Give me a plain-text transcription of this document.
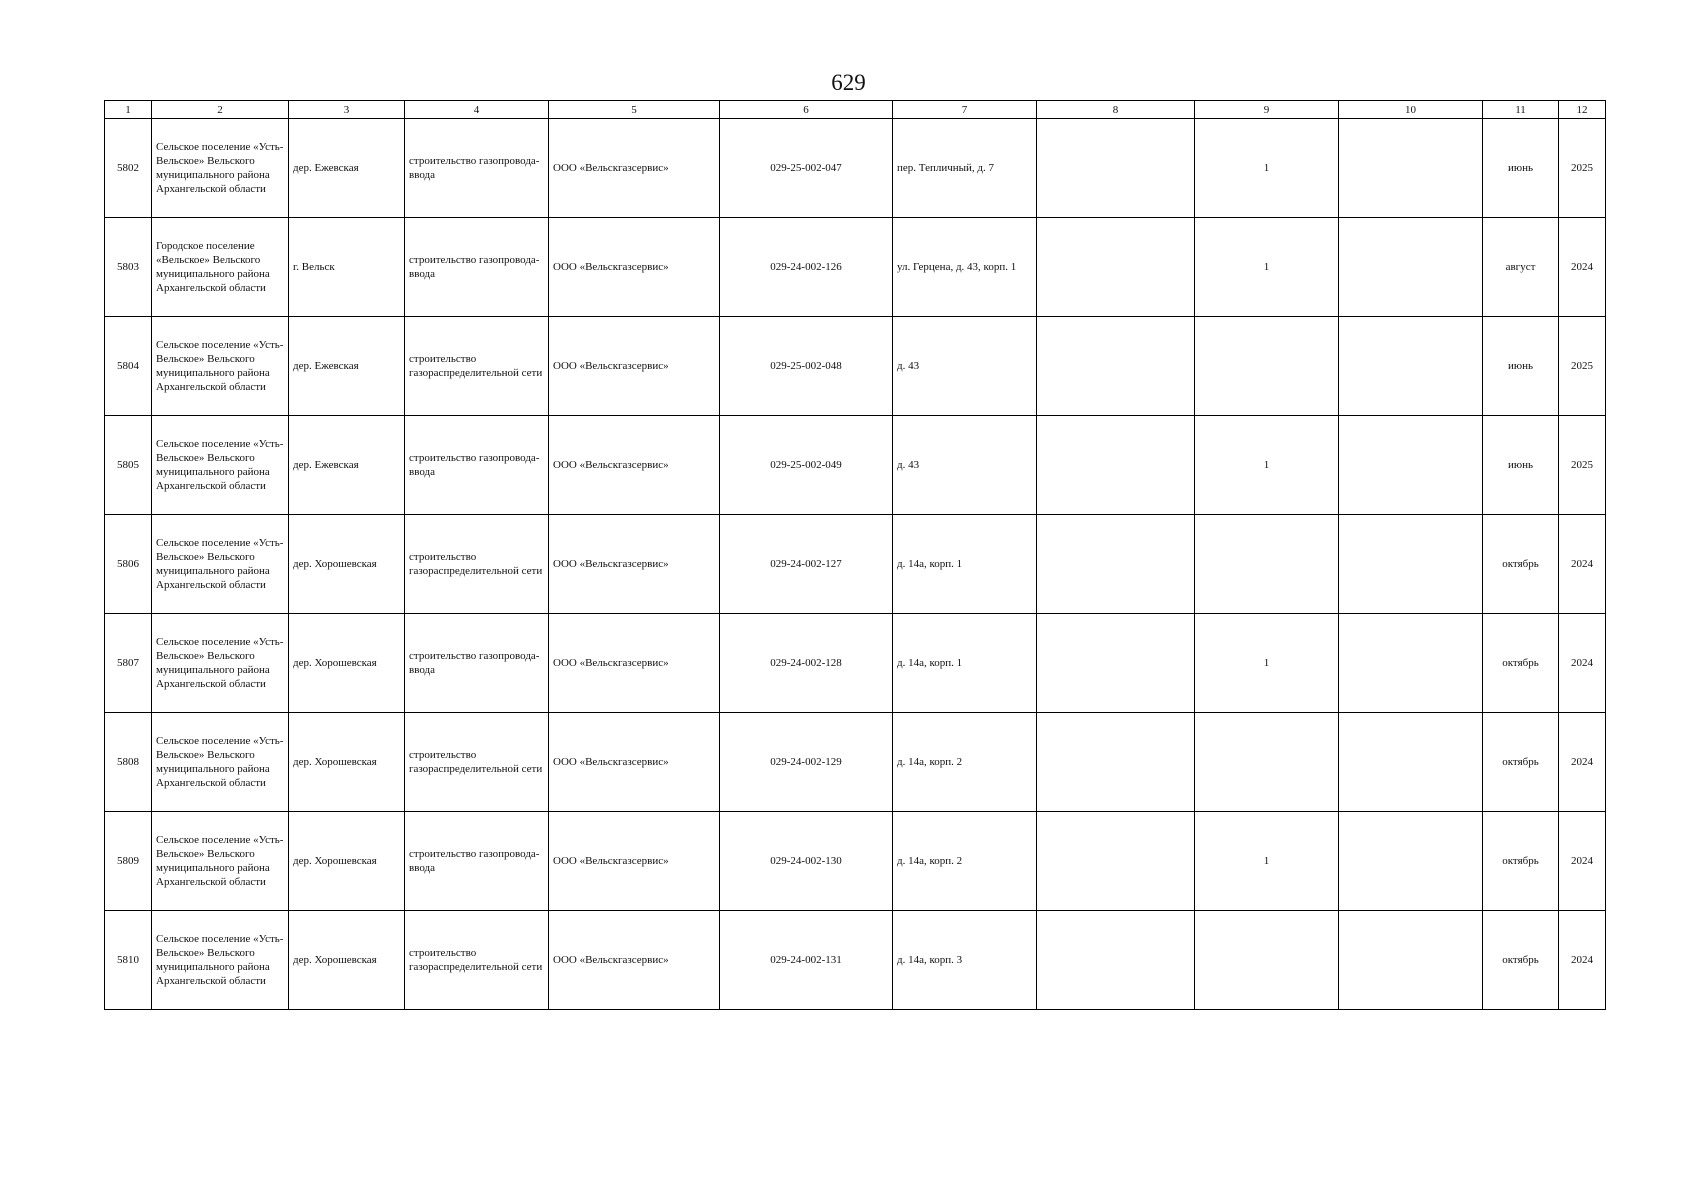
629
1	2	3	4	5	6	7	8	9	10	11	12
5802	Сельское поселение «Усть-Вельское» Вельского муниципального района Архангельской области	дер. Ежевская	строительство газопровода-ввода	ООО «Вельскгазсервис»	029-25-002-047	пер. Тепличный, д. 7		1		июнь	2025
5803	Городское поселение «Вельское» Вельского муниципального района Архангельской области	г. Вельск	строительство газопровода-ввода	ООО «Вельскгазсервис»	029-24-002-126	ул. Герцена, д. 43, корп. 1		1		август	2024
5804	Сельское поселение «Усть-Вельское» Вельского муниципального района Архангельской области	дер. Ежевская	строительство газораспределительной сети	ООО «Вельскгазсервис»	029-25-002-048	д. 43				июнь	2025
5805	Сельское поселение «Усть-Вельское» Вельского муниципального района Архангельской области	дер. Ежевская	строительство газопровода-ввода	ООО «Вельскгазсервис»	029-25-002-049	д. 43		1		июнь	2025
5806	Сельское поселение «Усть-Вельское» Вельского муниципального района Архангельской области	дер. Хорошевская	строительство газораспределительной сети	ООО «Вельскгазсервис»	029-24-002-127	д. 14а, корп. 1				октябрь	2024
5807	Сельское поселение «Усть-Вельское» Вельского муниципального района Архангельской области	дер. Хорошевская	строительство газопровода-ввода	ООО «Вельскгазсервис»	029-24-002-128	д. 14а, корп. 1		1		октябрь	2024
5808	Сельское поселение «Усть-Вельское» Вельского муниципального района Архангельской области	дер. Хорошевская	строительство газораспределительной сети	ООО «Вельскгазсервис»	029-24-002-129	д. 14а, корп. 2				октябрь	2024
5809	Сельское поселение «Усть-Вельское» Вельского муниципального района Архангельской области	дер. Хорошевская	строительство газопровода-ввода	ООО «Вельскгазсервис»	029-24-002-130	д. 14а, корп. 2		1		октябрь	2024
5810	Сельское поселение «Усть-Вельское» Вельского муниципального района Архангельской области	дер. Хорошевская	строительство газораспределительной сети	ООО «Вельскгазсервис»	029-24-002-131	д. 14а, корп. 3				октябрь	2024
